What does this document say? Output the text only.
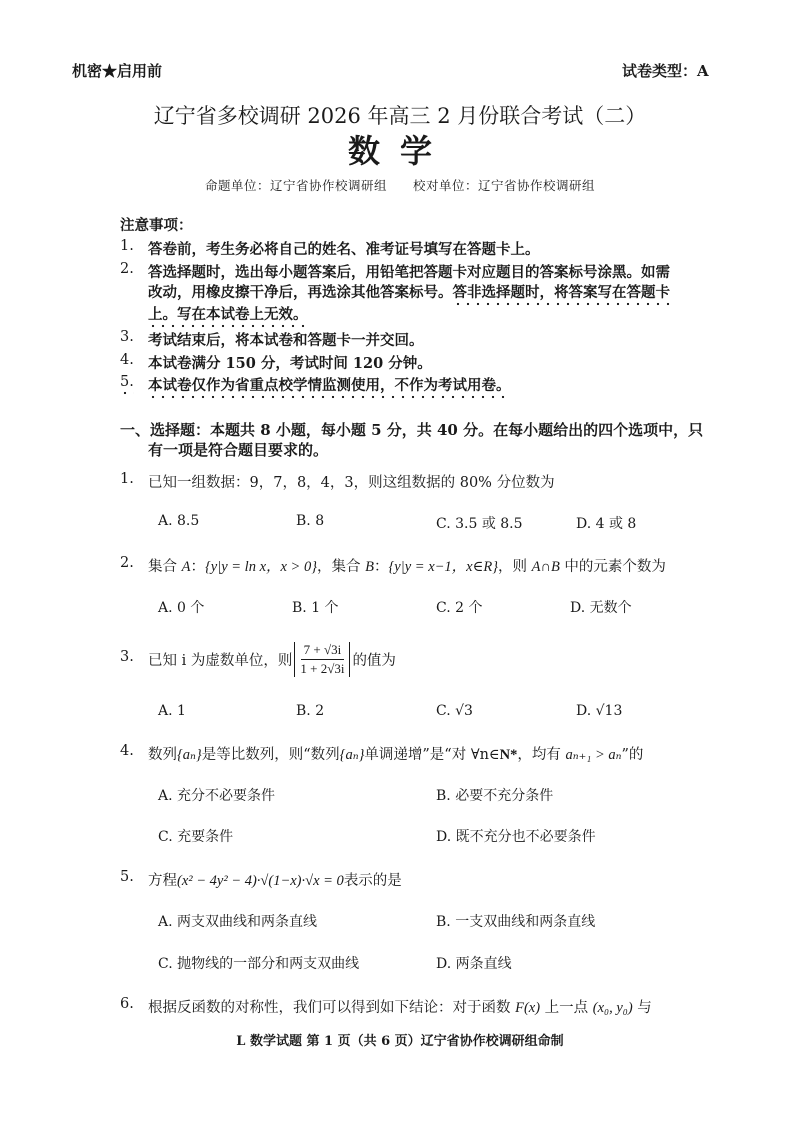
机密★启用前	试卷类型：A
辽宁省多校调研 2026 年高三 2 月份联合考试（二）
数学
命题单位：辽宁省协作校调研组　　校对单位：辽宁省协作校调研组
注意事项：
1. 答卷前，考生务必将自己的姓名、准考证号填写在答题卡上。
2. 答选择题时，选出每小题答案后，用铅笔把答题卡对应题目的答案标号涂黑。如需
改动，用橡皮擦干净后，再选涂其他答案标号。答非选择题时，将答案写在答题卡
上。写在本试卷上无效。
3. 考试结束后，将本试卷和答题卡一并交回。
4. 本试卷满分 150 分，考试时间 120 分钟。
5. 本试卷仅作为省重点校学情监测使用，不作为考试用卷。
一、选择题：本题共 8 小题，每小题 5 分，共 40 分。在每小题给出的四个选项中，只
有一项是符合题目要求的。
1. 已知一组数据：9，7，8，4，3，则这组数据的 80% 分位数为
A. 8.5	B. 8	C. 3.5 或 8.5	D. 4 或 8
2. 集合 A：{y|y = ln x，x > 0}，集合 B：{y|y = x−1，x∈R}，则 A∩B 中的元素个数为
A. 0 个	B. 1 个	C. 2 个	D. 无数个
3. 已知 i 为虚数单位，则 $\frac{7 + √3i}{1 + 2√3i}$ 的值为
A. 1	B. 2	C. √3	D. √13
4. 数列{aₙ}是等比数列，则“数列{aₙ}单调递增”是“对 ∀n∈N*，均有 aₙ₊₁ > aₙ”的
A. 充分不必要条件	B. 必要不充分条件
C. 充要条件	D. 既不充分也不必要条件
5. 方程(x² − 4y² − 4)·√(1−x)·√x = 0表示的是
A. 两支双曲线和两条直线	B. 一支双曲线和两条直线
C. 抛物线的一部分和两支双曲线	D. 两条直线
6. 根据反函数的对称性，我们可以得到如下结论：对于函数 F(x) 上一点 (x₀, y₀) 与
L 数学试题 第 1 页（共 6 页）辽宁省协作校调研组命制
